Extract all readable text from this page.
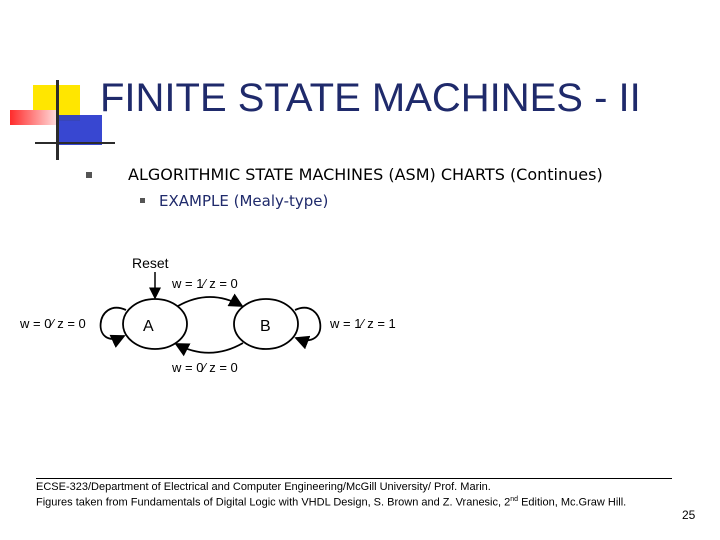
FINITE STATE MACHINES - II
ALGORITHMIC STATE MACHINES (ASM) CHARTS (Continues)
EXAMPLE (Mealy-type)
Reset
A	B
w = 1⁄ z = 0
w = 0⁄ z = 0
w = 0⁄ z = 0	w = 1⁄ z = 1
ECSE-323/Department of Electrical and Computer Engineering/McGill University/ Prof. Marin.
Figures taken from Fundamentals of Digital Logic with VHDL Design, S. Brown and Z. Vranesic, 2nd Edition, Mc.Graw Hill.
25
